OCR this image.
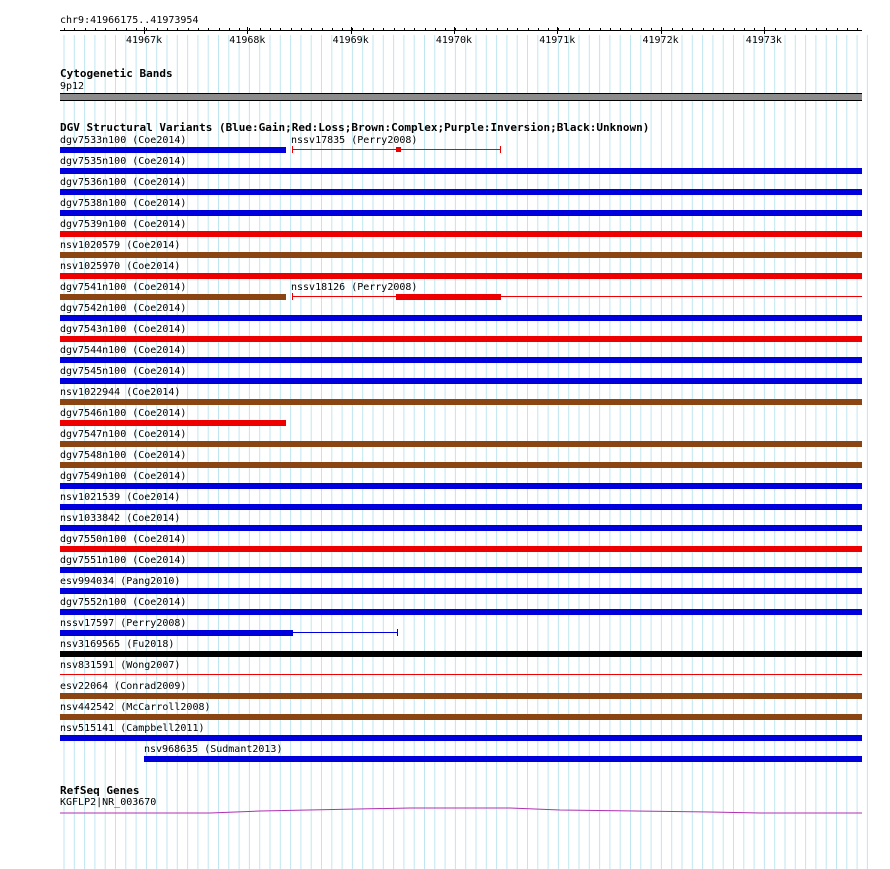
chr9:41966175..41973954
41967k	41968k	41969k	41970k	41971k	41972k	41973k
Cytogenetic Bands
9p12
DGV Structural Variants (Blue:Gain;Red:Loss;Brown:Complex;Purple:Inversion;Black:Unknown)
dgv7533n100 (Coe2014)	nssv17835 (Perry2008)
dgv7535n100 (Coe2014)
dgv7536n100 (Coe2014)
dgv7538n100 (Coe2014)
dgv7539n100 (Coe2014)
nsv1020579 (Coe2014)
nsv1025970 (Coe2014)
dgv7541n100 (Coe2014)	nssv18126 (Perry2008)
dgv7542n100 (Coe2014)
dgv7543n100 (Coe2014)
dgv7544n100 (Coe2014)
dgv7545n100 (Coe2014)
nsv1022944 (Coe2014)
dgv7546n100 (Coe2014)
dgv7547n100 (Coe2014)
dgv7548n100 (Coe2014)
dgv7549n100 (Coe2014)
nsv1021539 (Coe2014)
nsv1033842 (Coe2014)
dgv7550n100 (Coe2014)
dgv7551n100 (Coe2014)
esv994034 (Pang2010)
dgv7552n100 (Coe2014)
nssv17597 (Perry2008)
nsv3169565 (Fu2018)
nsv831591 (Wong2007)
esv22064 (Conrad2009)
nsv442542 (McCarroll2008)
nsv515141 (Campbell2011)
nsv968635 (Sudmant2013)
RefSeq Genes
KGFLP2|NR_003670
